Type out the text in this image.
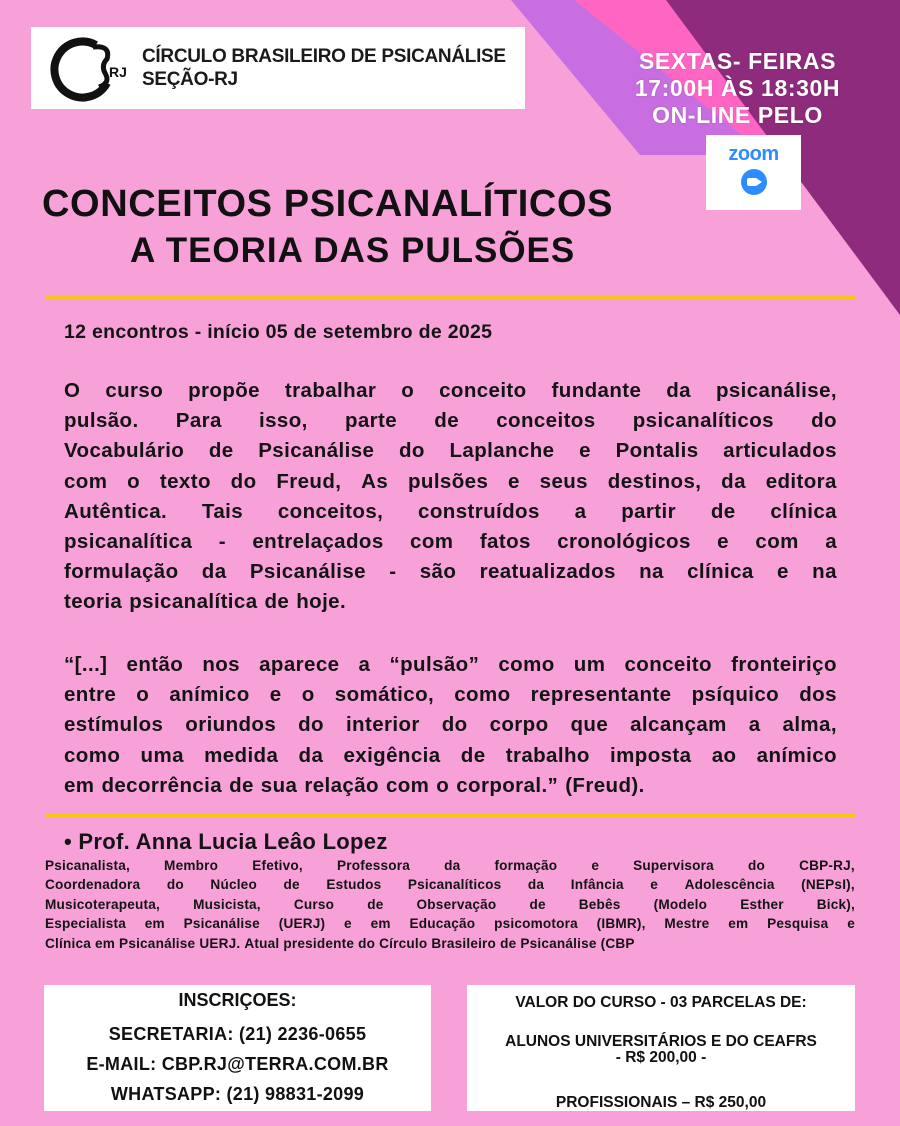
RJ
CÍRCULO BRASILEIRO DE PSICANÁLISE
SEÇÃO-RJ
SEXTAS- FEIRAS
17:00H ÀS 18:30H
ON-LINE PELO
zoom
CONCEITOS PSICANALÍTICOS
A TEORIA DAS PULSÕES
12 encontros - início 05 de setembro de 2025
O curso propõe trabalhar o conceito fundante da psicanálise,
pulsão. Para isso, parte de conceitos psicanalíticos do
Vocabulário de Psicanálise do Laplanche e Pontalis articulados
com o texto do Freud, As pulsões e seus destinos, da editora
Autêntica. Tais conceitos, construídos a partir de clínica
psicanalítica - entrelaçados com fatos cronológicos e com a
formulação da Psicanálise - são reatualizados na clínica e na
teoria psicanalítica de hoje.
“[...] então nos aparece a “pulsão” como um conceito fronteiriço
entre o anímico e o somático, como representante psíquico dos
estímulos oriundos do interior do corpo que alcançam a alma,
como uma medida da exigência de trabalho imposta ao anímico
em decorrência de sua relação com o corporal.” (Freud).
• Prof. Anna Lucia Leâo Lopez
Psicanalista,	Membro	Efetivo,	Professora	da	formação	e	Supervisora	do	CBP-RJ,
Coordenadora do Núcleo de Estudos Psicanalíticos da Infância e Adolescência (NEPsI),
Musicoterapeuta, Musicista, Curso de Observação de Bebês (Modelo Esther Bick),
Especialista em Psicanálise (UERJ) e em Educação psicomotora (IBMR), Mestre em Pesquisa e
Clínica em Psicanálise UERJ. Atual presidente do Círculo Brasileiro de Psicanálise (CBP
INSCRIÇOES:
SECRETARIA: (21) 2236-0655
E-MAIL: CBP.RJ@TERRA.COM.BR
WHATSAPP: (21) 98831-2099
VALOR DO CURSO - 03 PARCELAS DE:
ALUNOS UNIVERSITÁRIOS E DO CEAFRS
- R$ 200,00 -
PROFISSIONAIS – R$ 250,00
